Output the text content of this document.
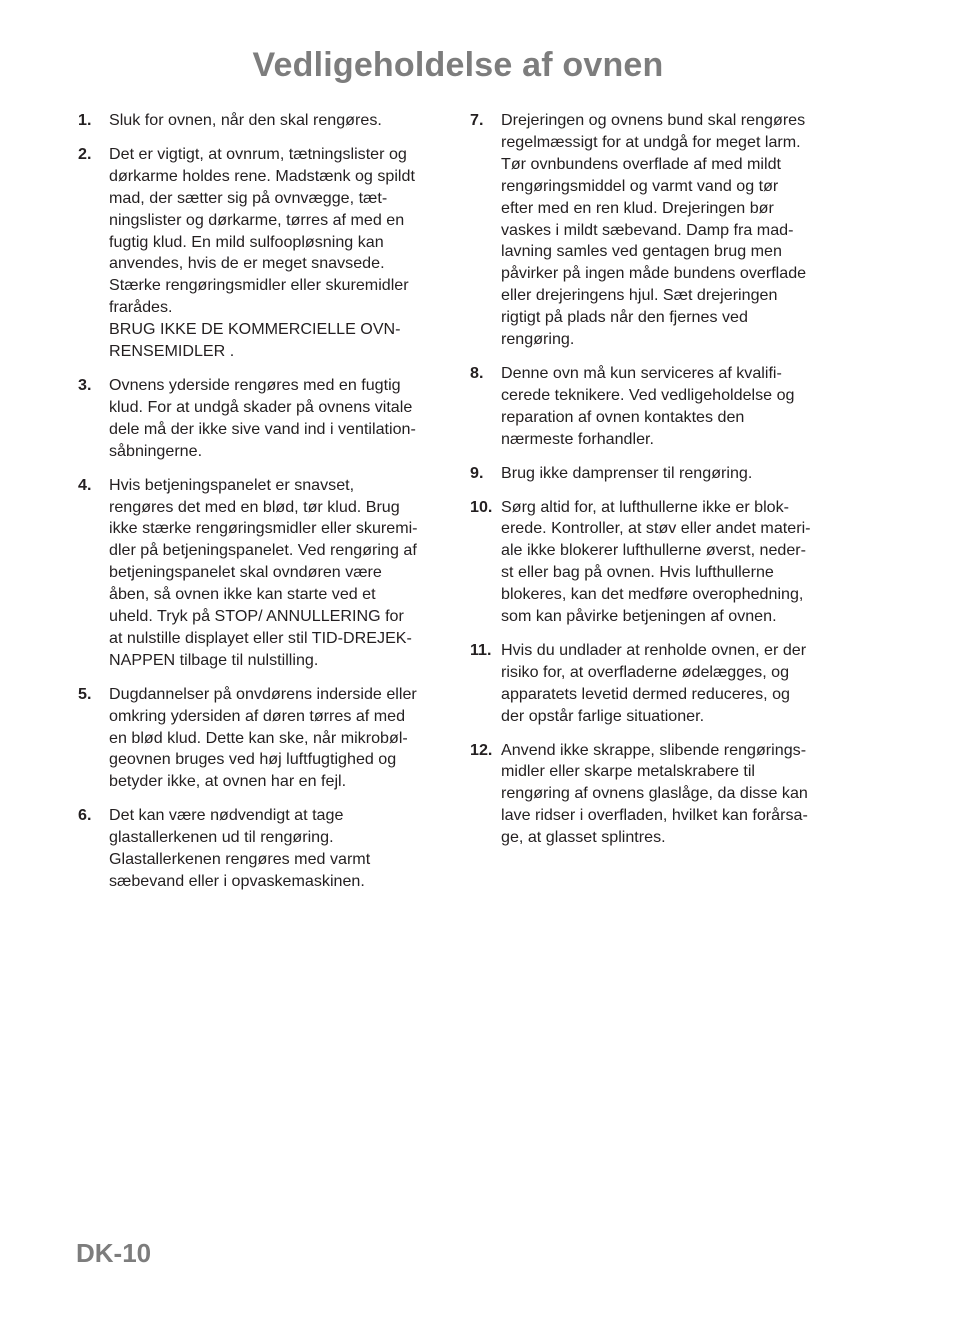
Vedligeholdelse af ovnen
1.	Sluk for ovnen, når den skal rengøres.
2.	Det er vigtigt, at ovnrum, tætningslister og
dørkarme holdes rene. Madstænk og spildt
mad, der sætter sig på ovnvægge, tæt-
ningslister og dørkarme, tørres af med en
fugtig klud. En mild sulfoopløsning kan
anvendes, hvis de er meget snavsede.
Stærke rengøringsmidler eller skuremidler
frarådes.
BRUG IKKE DE KOMMERCIELLE OVN-
RENSEMIDLER .
3.	Ovnens yderside rengøres med en fugtig
klud. For at undgå skader på ovnens vitale
dele må der ikke sive vand ind i ventilation-
såbningerne.
4.	Hvis betjeningspanelet er snavset,
rengøres det med en blød, tør klud. Brug
ikke stærke rengøringsmidler eller skuremi-
dler på betjeningspanelet. Ved rengøring af
betjeningspanelet skal ovndøren være
åben, så ovnen ikke kan starte ved et
uheld. Tryk på STOP/ ANNULLERING for
at nulstille displayet eller stil TID-DREJEK-
NAPPEN tilbage til nulstilling.
5.	Dugdannelser på onvdørens inderside eller
omkring ydersiden af døren tørres af med
en blød klud. Dette kan ske, når mikrobøl-
geovnen bruges ved høj luftfugtighed og
betyder ikke, at ovnen har en fejl.
6.	Det kan være nødvendigt at tage
glastallerkenen ud til rengøring.
Glastallerkenen rengøres med varmt
sæbevand eller i opvaskemaskinen.
7.	Drejeringen og ovnens bund skal rengøres
regelmæssigt for at undgå for meget larm.
Tør ovnbundens overflade af med mildt
rengøringsmiddel og varmt vand og tør
efter med en ren klud. Drejeringen bør
vaskes i mildt sæbevand. Damp fra mad-
lavning samles ved gentagen brug men
påvirker på ingen måde bundens overflade
eller drejeringens hjul. Sæt drejeringen
rigtigt på plads når den fjernes ved
rengøring.
8.	Denne ovn må kun serviceres af kvalifi-
cerede teknikere. Ved vedligeholdelse og
reparation af ovnen kontaktes den
nærmeste forhandler.
9.	Brug ikke damprenser til rengøring.
10. Sørg altid for, at lufthullerne ikke er blok-
erede. Kontroller, at støv eller andet materi-
ale ikke blokerer lufthullerne øverst, neder-
st eller bag på ovnen. Hvis lufthullerne
blokeres, kan det medføre overophedning,
som kan påvirke betjeningen af ovnen.
11. Hvis du undlader at renholde ovnen, er der
risiko for, at overfladerne ødelægges, og
apparatets levetid dermed reduceres, og
der opstår farlige situationer.
12. Anvend ikke skrappe, slibende rengørings-
midler eller skarpe metalskrabere til
rengøring af ovnens glaslåge, da disse kan
lave ridser i overfladen, hvilket kan forårsa-
ge, at glasset splintres.
DK-10
